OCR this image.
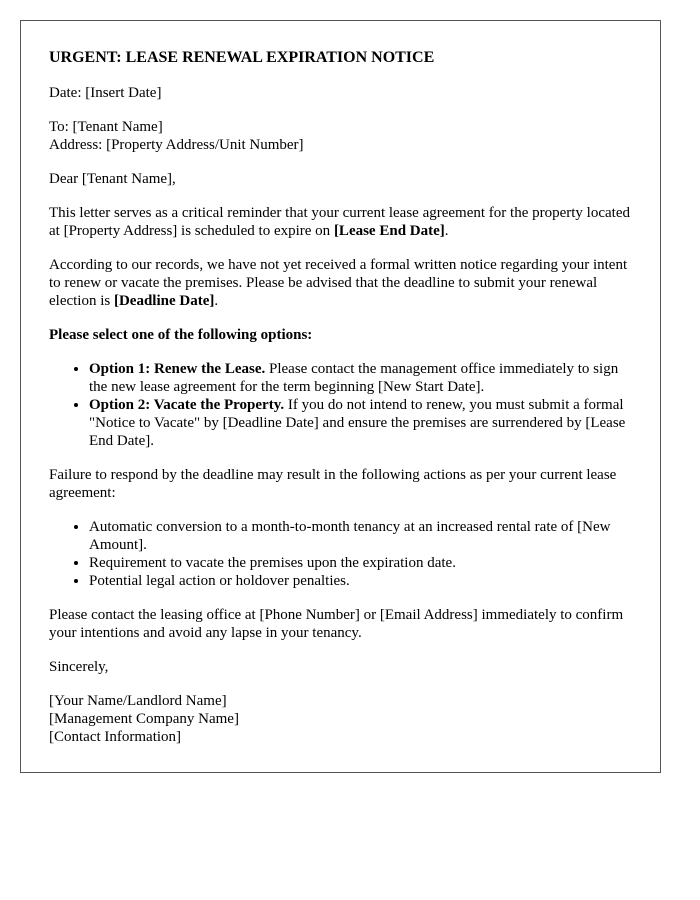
URGENT: LEASE RENEWAL EXPIRATION NOTICE

Date: [Insert Date]

To: [Tenant Name]
Address: [Property Address/Unit Number]

Dear [Tenant Name],

This letter serves as a critical reminder that your current lease agreement for the property located at [Property Address] is scheduled to expire on [Lease End Date].

According to our records, we have not yet received a formal written notice regarding your intent to renew or vacate the premises. Please be advised that the deadline to submit your renewal election is [Deadline Date].

Please select one of the following options:

• Option 1: Renew the Lease. Please contact the management office immediately to sign the new lease agreement for the term beginning [New Start Date].
• Option 2: Vacate the Property. If you do not intend to renew, you must submit a formal "Notice to Vacate" by [Deadline Date] and ensure the premises are surrendered by [Lease End Date].

Failure to respond by the deadline may result in the following actions as per your current lease agreement:

• Automatic conversion to a month-to-month tenancy at an increased rental rate of [New Amount].
• Requirement to vacate the premises upon the expiration date.
• Potential legal action or holdover penalties.

Please contact the leasing office at [Phone Number] or [Email Address] immediately to confirm your intentions and avoid any lapse in your tenancy.

Sincerely,

[Your Name/Landlord Name]
[Management Company Name]
[Contact Information]
